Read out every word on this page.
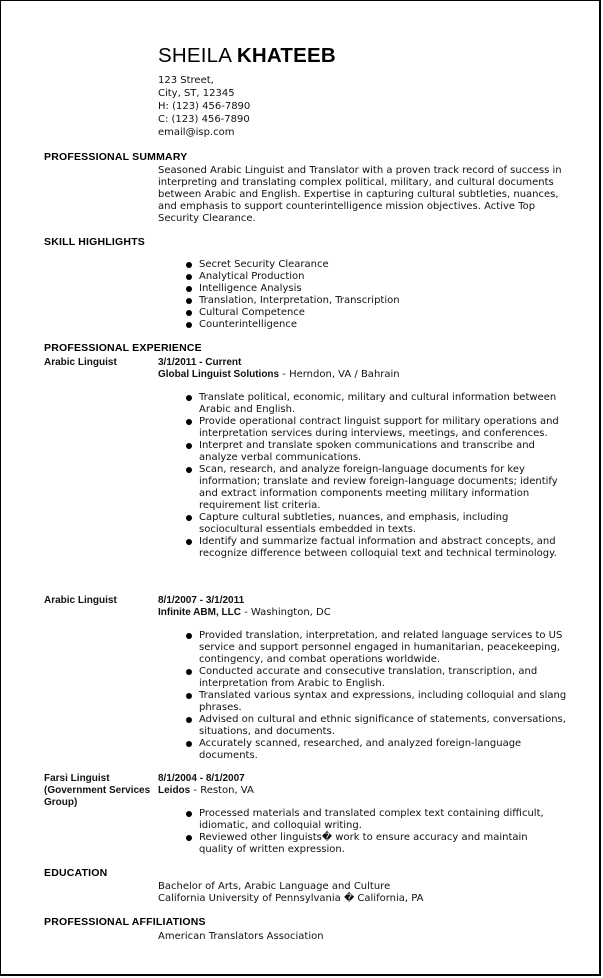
SHEILA KHATEEB
123 Street,
City, ST, 12345
H: (123) 456-7890
C: (123) 456-7890
email@isp.com
PROFESSIONAL SUMMARY
Seasoned Arabic Linguist and Translator with a proven track record of success in interpreting and translating complex political, military, and cultural documents between Arabic and English. Expertise in capturing cultural subtleties, nuances, and emphasis to support counterintelligence mission objectives. Active Top Security Clearance.
SKILL HIGHLIGHTS
Secret Security Clearance
Analytical Production
Intelligence Analysis
Translation, Interpretation, Transcription
Cultural Competence
Counterintelligence
PROFESSIONAL EXPERIENCE
Arabic Linguist	3/1/2011 - Current
Global Linguist Solutions - Herndon, VA / Bahrain
Translate political, economic, military and cultural information between Arabic and English.
Provide operational contract linguist support for military operations and interpretation services during interviews, meetings, and conferences.
Interpret and translate spoken communications and transcribe and analyze verbal communications.
Scan, research, and analyze foreign-language documents for key information; translate and review foreign-language documents; identify and extract information components meeting military information requirement list criteria.
Capture cultural subtleties, nuances, and emphasis, including sociocultural essentials embedded in texts.
Identify and summarize factual information and abstract concepts, and recognize difference between colloquial text and technical terminology.
Arabic Linguist	8/1/2007 - 3/1/2011
Infinite ABM, LLC - Washington, DC
Provided translation, interpretation, and related language services to US service and support personnel engaged in humanitarian, peacekeeping, contingency, and combat operations worldwide.
Conducted accurate and consecutive translation, transcription, and interpretation from Arabic to English.
Translated various syntax and expressions, including colloquial and slang phrases.
Advised on cultural and ethnic significance of statements, conversations, situations, and documents.
Accurately scanned, researched, and analyzed foreign-language documents.
Farsi Linguist (Government Services Group)
8/1/2004 - 8/1/2007
Leidos - Reston, VA
Processed materials and translated complex text containing difficult, idiomatic, and colloquial writing.
Reviewed other linguists� work to ensure accuracy and maintain quality of written expression.
EDUCATION
Bachelor of Arts, Arabic Language and Culture
California University of Pennsylvania � California, PA
PROFESSIONAL AFFILIATIONS
American Translators Association
